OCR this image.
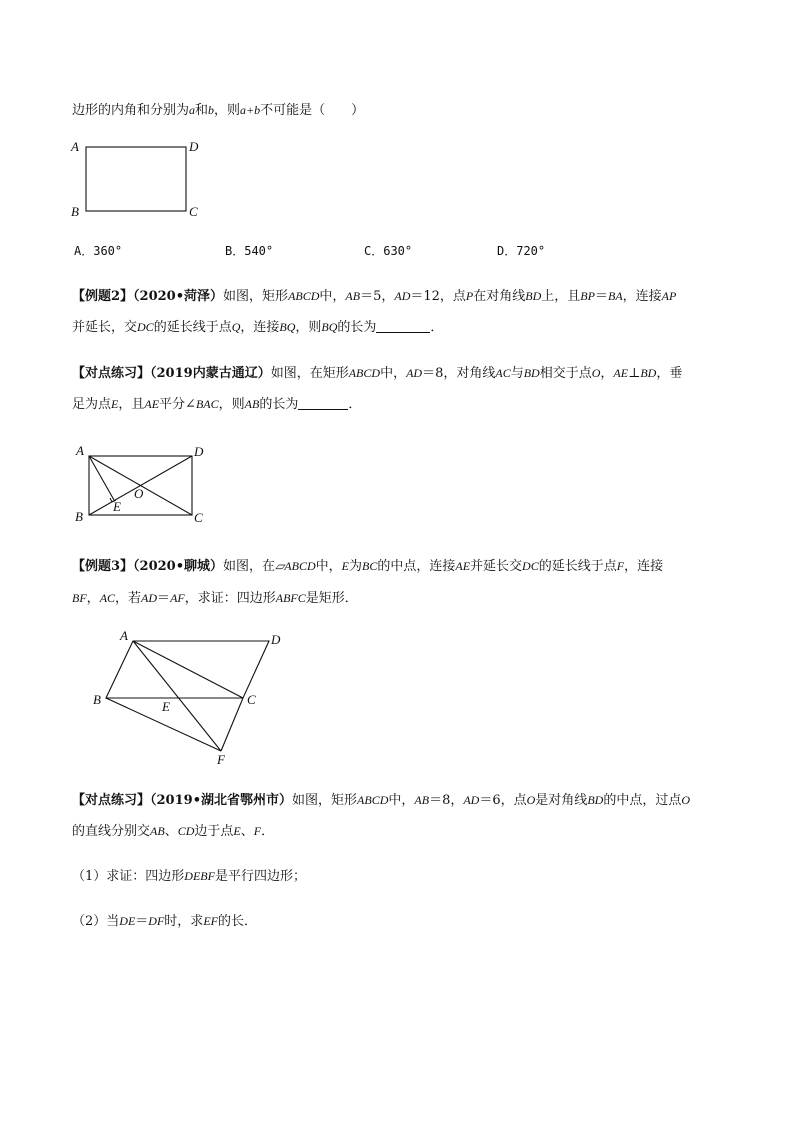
边形的内角和分别为a和b，则a+b不可能是（　　）
A
B	C
D
A
B	C
D
E
O
A
B	C
D
E
F
A．360°	B．540°	C．630°	D．720°
【例题2】（2020•菏泽）如图，矩形ABCD中，AB＝5，AD＝12，点P在对角线BD上，且BP＝BA，连接AP
并延长，交DC的延长线于点Q，连接BQ，则BQ的长为	．
【对点练习】（2019内蒙古通辽）如图，在矩形ABCD中，AD＝8，对角线AC与BD相交于点O，AE⊥BD，垂
足为点E，且AE平分∠BAC，则AB的长为	．
【例题3】（2020•聊城）如图，在▱ABCD中，E为BC的中点，连接AE并延长交DC的延长线于点F，连接
BF，AC，若AD＝AF，求证：四边形ABFC是矩形．
【对点练习】（2019•湖北省鄂州市）如图，矩形ABCD中，AB＝8，AD＝6，点O是对角线BD的中点，过点O
的直线分别交AB、CD边于点E、F．
（1）求证：四边形DEBF是平行四边形；
（2）当DE＝DF时，求EF的长．
